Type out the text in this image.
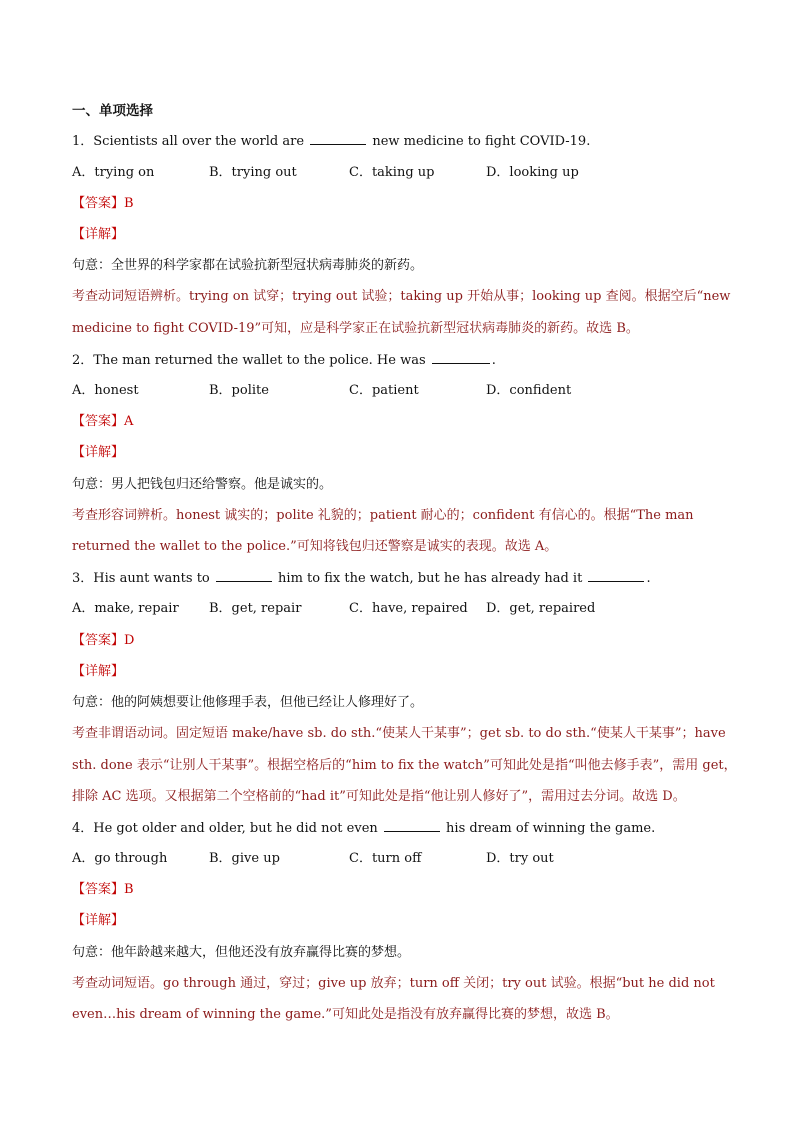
一、单项选择
1．Scientists all over the world are	new medicine to fight COVID-19.
A．trying on	B．trying out	C．taking up	D．looking up
【答案】B
【详解】
句意：全世界的科学家都在试验抗新型冠状病毒肺炎的新药。
考查动词短语辨析。trying on 试穿；trying out 试验；taking up 开始从事；looking up 查阅。根据空后“new
medicine to fight COVID-19”可知，应是科学家正在试验抗新型冠状病毒肺炎的新药。故选 B。
2．The man returned the wallet to the police. He was	.
A．honest	B．polite	C．patient	D．confident
【答案】A
【详解】
句意：男人把钱包归还给警察。他是诚实的。
考查形容词辨析。honest 诚实的；polite 礼貌的；patient 耐心的；confident 有信心的。根据“The man
returned the wallet to the police.”可知将钱包归还警察是诚实的表现。故选 A。
3．His aunt wants to	him to fix the watch, but he has already had it	.
A．make, repair B．get, repair	C．have, repaired D．get, repaired
【答案】D
【详解】
句意：他的阿姨想要让他修理手表，但他已经让人修理好了。
考查非谓语动词。固定短语 make/have sb. do sth.“使某人干某事”；get sb. to do sth.“使某人干某事”；have
sth. done 表示“让别人干某事”。根据空格后的“him to fix the watch”可知此处是指“叫他去修手表”，需用 get，
排除 AC 选项。又根据第二个空格前的“had it”可知此处是指“他让别人修好了”，需用过去分词。故选 D。
4．He got older and older, but he did not even	his dream of winning the game.
A．go through	B．give up	C．turn off	D．try out
【答案】B
【详解】
句意：他年龄越来越大，但他还没有放弃赢得比赛的梦想。
考查动词短语。go through 通过，穿过；give up 放弃；turn off 关闭；try out 试验。根据“but he did not
even…his dream of winning the game.”可知此处是指没有放弃赢得比赛的梦想，故选 B。
